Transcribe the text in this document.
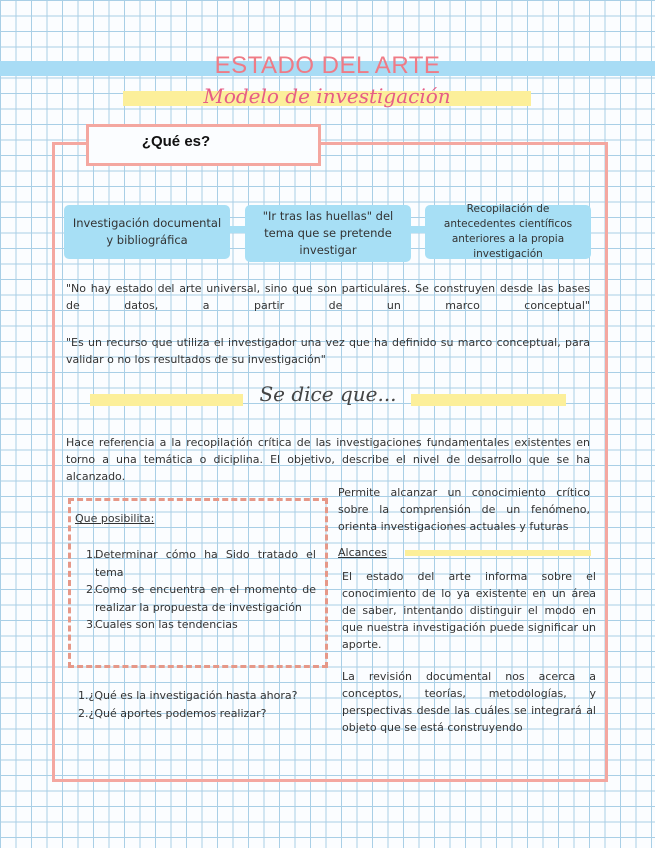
ESTADO DEL ARTE
Modelo de investigación
¿Qué es?
Investigación documental y bibliográfica
"Ir tras las huellas" del tema que se pretende investigar
Recopilación de antecedentes científicos anteriores a la propia investigación
"No hay estado del arte universal, sino que son particulares. Se construyen desde las bases de datos, a partir de un marco conceptual"
"Es un recurso que utiliza el investigador una vez que ha definido su marco conceptual, para validar o no los resultados de su investigación"
Se dice que...
Hace referencia a la recopilación crítica de las investigaciones fundamentales existentes en torno a una temática o diciplina. El objetivo, describe el nivel de desarrollo que se ha
alcanzado.
Que posibilita:
1.
Determinar cómo ha Sido tratado el tema
2.
Como se encuentra en el momento de realizar la propuesta de investigación
3.
Cuales son las tendencias
1.¿Qué es la investigación hasta ahora?
2.¿Qué aportes podemos realizar?
Permite alcanzar un conocimiento crítico sobre la comprensión de un fenómeno, orienta investigaciones actuales y futuras
Alcances
El estado del arte informa sobre el conocimiento de lo ya existente en un área de saber, intentando distinguir el modo en que nuestra investigación puede significar un aporte.
La revisión documental nos acerca a conceptos, teorías, metodologías, y perspectivas desde las cuáles se integrará al objeto que se está construyendo
